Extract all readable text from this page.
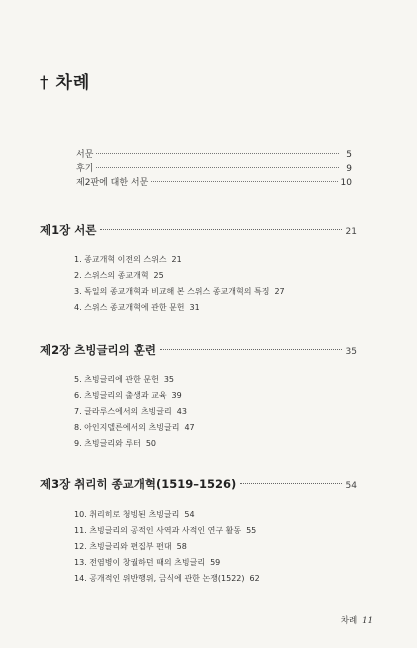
† 차례
서문	5
후기	9
제2판에 대한 서문	10
제1장 서론	21
1. 종교개혁 이전의 스위스 21
2. 스위스의 종교개혁 25
3. 독일의 종교개혁과 비교해 본 스위스 종교개혁의 특징 27
4. 스위스 종교개혁에 관한 문헌 31
제2장 츠빙글리의 훈련	35
5. 츠빙글리에 관한 문헌 35
6. 츠빙글리의 출생과 교육 39
7. 글라루스에서의 츠빙글리 43
8. 아인지델른에서의 츠빙글리 47
9. 츠빙글리와 루터 50
제3장 취리히 종교개혁(1519–1526)	54
10. 취리히로 청빙된 츠빙글리 54
11. 츠빙글리의 공적인 사역과 사적인 연구 활동 55
12. 츠빙글리와 편집부 편대 58
13. 전염병이 창궐하던 때의 츠빙글리 59
14. 공개적인 위반행위, 금식에 관한 논쟁(1522) 62
차례 11
